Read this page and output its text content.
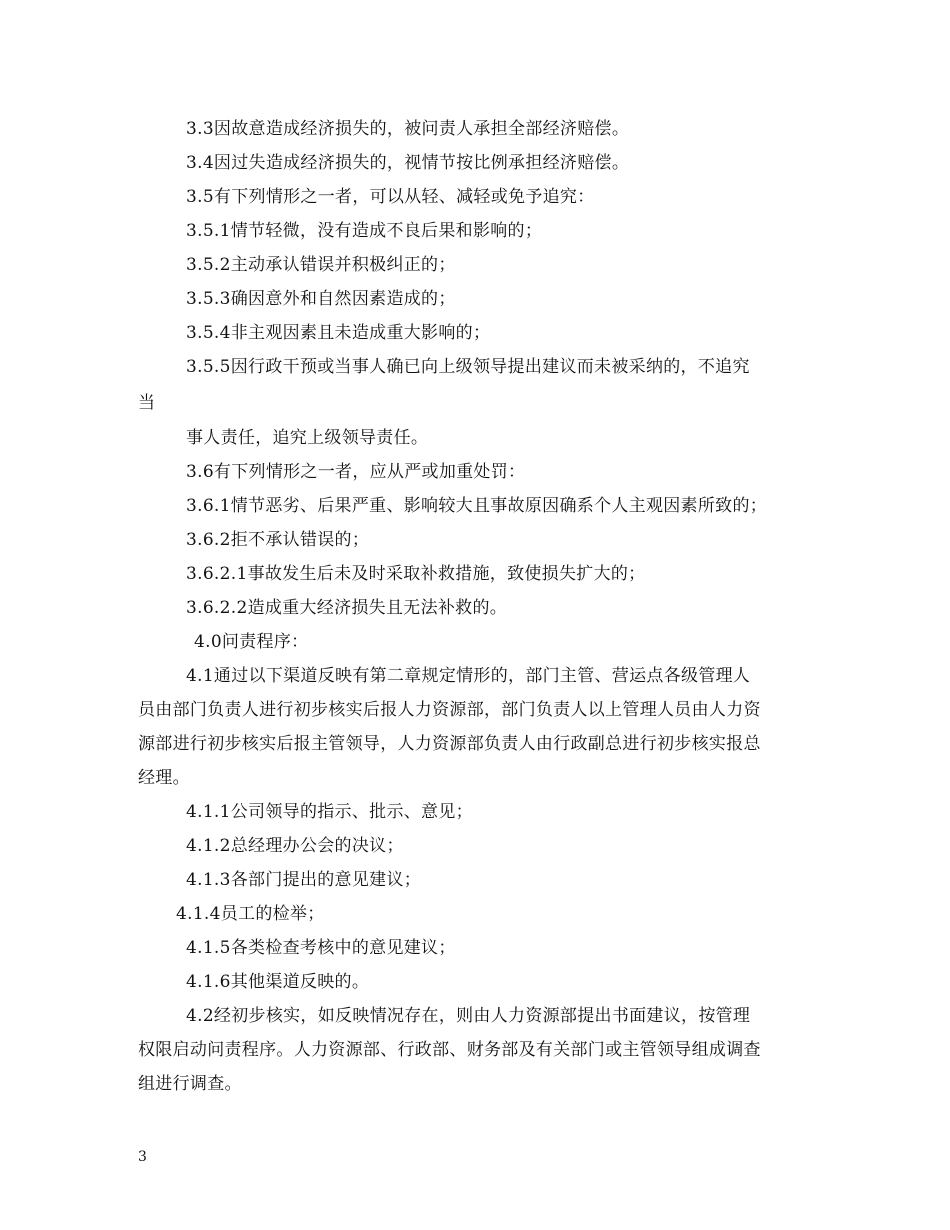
3.3因故意造成经济损失的，被问责人承担全部经济赔偿。
3.4因过失造成经济损失的，视情节按比例承担经济赔偿。
3.5有下列情形之一者，可以从轻、减轻或免予追究：
3.5.1情节轻微，没有造成不良后果和影响的；
3.5.2主动承认错误并积极纠正的；
3.5.3确因意外和自然因素造成的；
3.5.4非主观因素且未造成重大影响的；
3.5.5因行政干预或当事人确已向上级领导提出建议而未被采纳的，不追究
当
事人责任，追究上级领导责任。
3.6有下列情形之一者，应从严或加重处罚：
3.6.1情节恶劣、后果严重、影响较大且事故原因确系个人主观因素所致的；
3.6.2拒不承认错误的；
3.6.2.1事故发生后未及时采取补救措施，致使损失扩大的；
3.6.2.2造成重大经济损失且无法补救的。
4.0问责程序：
4.1通过以下渠道反映有第二章规定情形的，部门主管、营运点各级管理人
员由部门负责人进行初步核实后报人力资源部，部门负责人以上管理人员由人力资
源部进行初步核实后报主管领导，人力资源部负责人由行政副总进行初步核实报总
经理。
4.1.1公司领导的指示、批示、意见；
4.1.2总经理办公会的决议；
4.1.3各部门提出的意见建议；
4.1.4员工的检举；
4.1.5各类检查考核中的意见建议；
4.1.6其他渠道反映的。
4.2经初步核实，如反映情况存在，则由人力资源部提出书面建议，按管理
权限启动问责程序。人力资源部、行政部、财务部及有关部门或主管领导组成调查
组进行调查。
3
